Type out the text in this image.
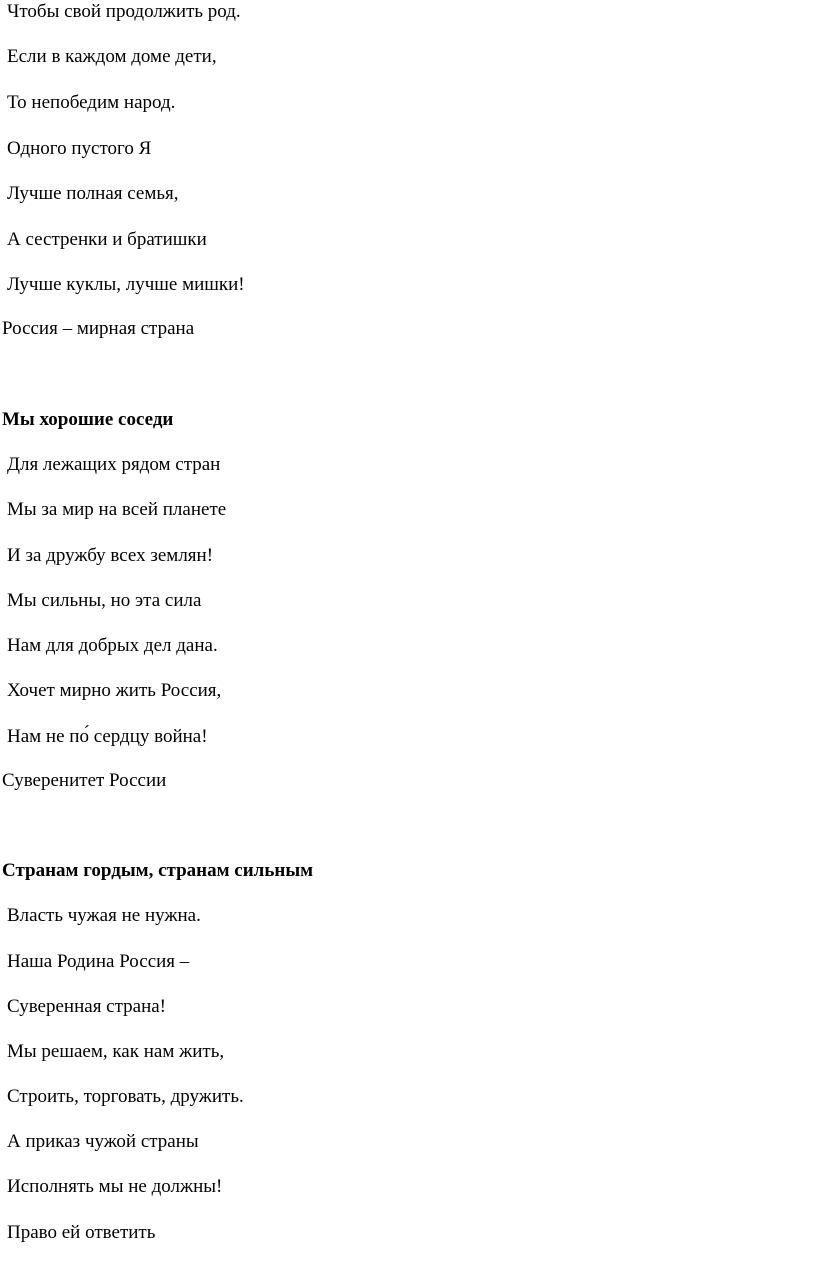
Чтобы свой продолжить род.

Если в каждом доме дети,

То непобедим народ.

Одного пустого Я

Лучше полная семья,

А сестренки и братишки

Лучше куклы, лучше мишки!

Россия – мирная страна

Мы хорошие соседи

Для лежащих рядом стран

Мы за мир на всей планете

И за дружбу всех землян!

Мы сильны, но эта сила

Нам для добрых дел дана.

Хочет мирно жить Россия,

Нам не по́ сердцу война!

Суверенитет России

Странам гордым, странам сильным

Власть чужая не нужна.

Наша Родина Россия –

Суверенная страна!

Мы решаем, как нам жить,

Строить, торговать, дружить.

А приказ чужой страны

Исполнять мы не должны!

Право ей ответить
